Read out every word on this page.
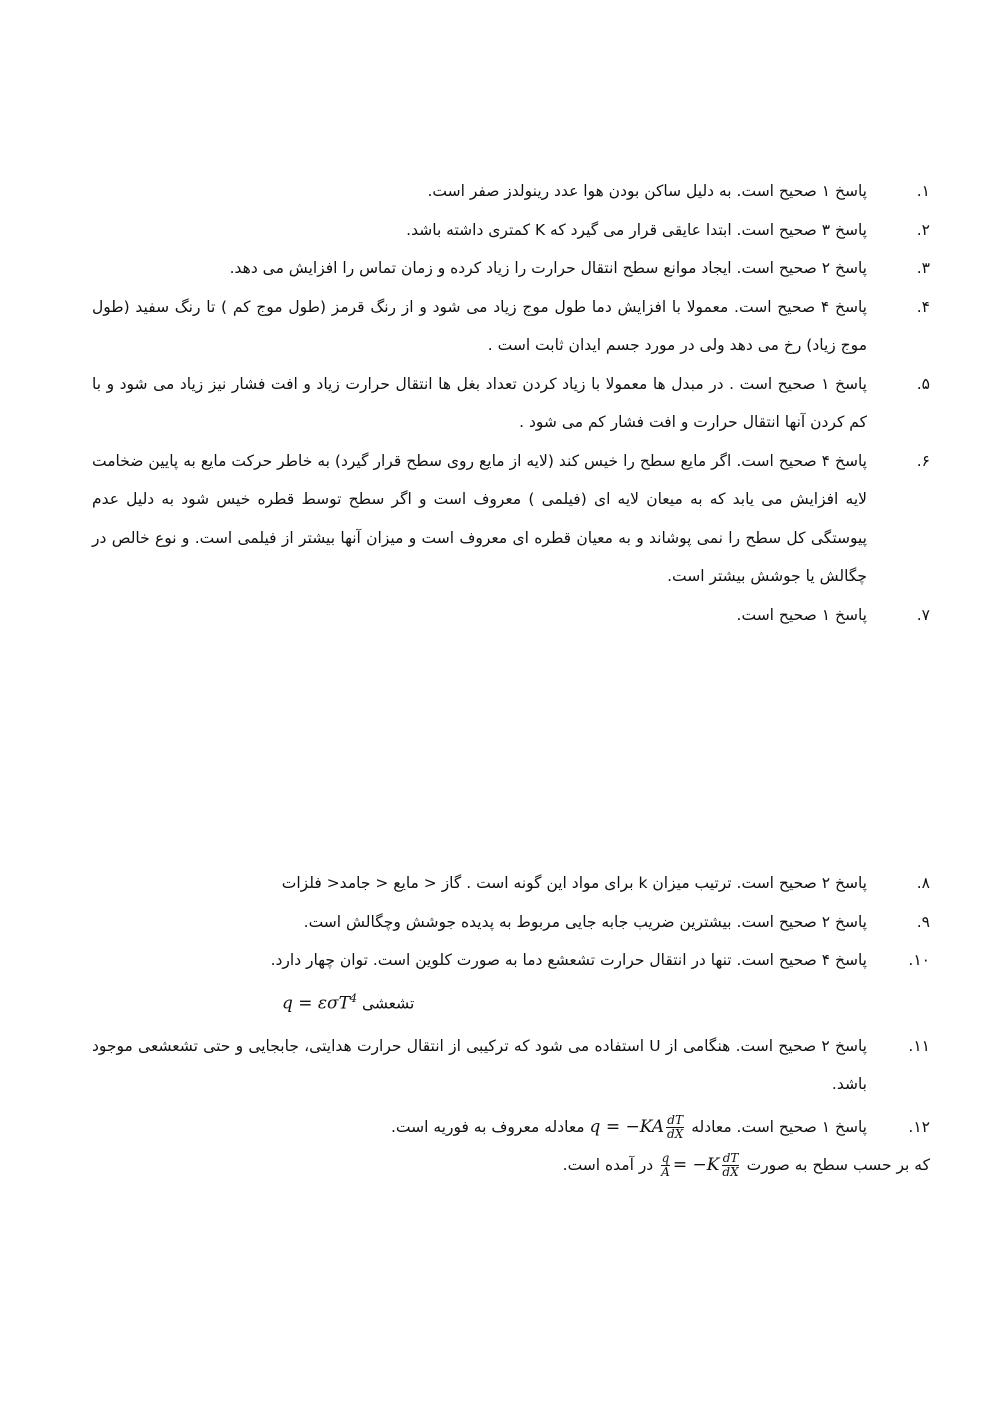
۱.
پاسخ ۱ صحیح است. به دلیل ساکن بودن هوا عدد رینولدز صفر است.
۲.
پاسخ ۳ صحیح است. ابتدا عایقی قرار می گیرد که K کمتری داشته باشد.
۳.
پاسخ ۲ صحیح است. ایجاد موانع سطح انتقال حرارت را زیاد کرده و زمان تماس را افزایش می دهد.
۴.
پاسخ ۴ صحیح است. معمولا با افزایش دما طول موج زیاد می شود و از رنگ قرمز (طول موج کم ) تا رنگ سفید (طول موج زیاد) رخ می دهد ولی در مورد جسم ایدان ثابت است .
۵.
پاسخ ۱ صحیح است . در مبدل ها معمولا با زیاد کردن تعداد بغل ها انتقال حرارت زیاد و افت فشار نیز زیاد می شود و با کم کردن آنها انتقال حرارت و افت فشار کم می شود .
۶.
پاسخ ۴ صحیح است. اگر مایع سطح را خیس کند (لایه از مایع روی سطح قرار گیرد) به خاطر حرکت مایع به پایین ضخامت لایه افزایش می یابد که به میعان لایه ای (فیلمی ) معروف است و اگر سطح توسط قطره خیس شود به دلیل عدم پیوستگی کل سطح را نمی پوشاند و به معیان قطره ای معروف است و میزان آنها بیشتر از فیلمی است. و نوع خالص در چگالش یا جوشش بیشتر است.
۷.
پاسخ ۱ صحیح است.
۸.
پاسخ ۲ صحیح است. ترتیب میزان k برای مواد این گونه است . گاز < مایع < جامد< فلزات
۹.
پاسخ ۲ صحیح است. بیشترین ضریب جابه جایی مربوط به پدیده جوشش وچگالش است.
۱۰.
پاسخ ۴ صحیح است. تنها در انتقال حرارت تشعشع دما به صورت کلوین است. توان چهار دارد.
تشعشی q = εσT$^4$
۱۱.
پاسخ ۲ صحیح است. هنگامی از U استفاده می شود که ترکیبی از انتقال حرارت هدایتی، جابجایی و حتی تشعشعی موجود باشد.
۱۲.
پاسخ ۱ صحیح است. معادله $q = -KA \frac{dT}{dX}$
معادله معروف به فوریه است.
که بر حسب سطح به صورت
$\frac{q}{A} = -K \frac{dT}{dX}$
در آمده است.
